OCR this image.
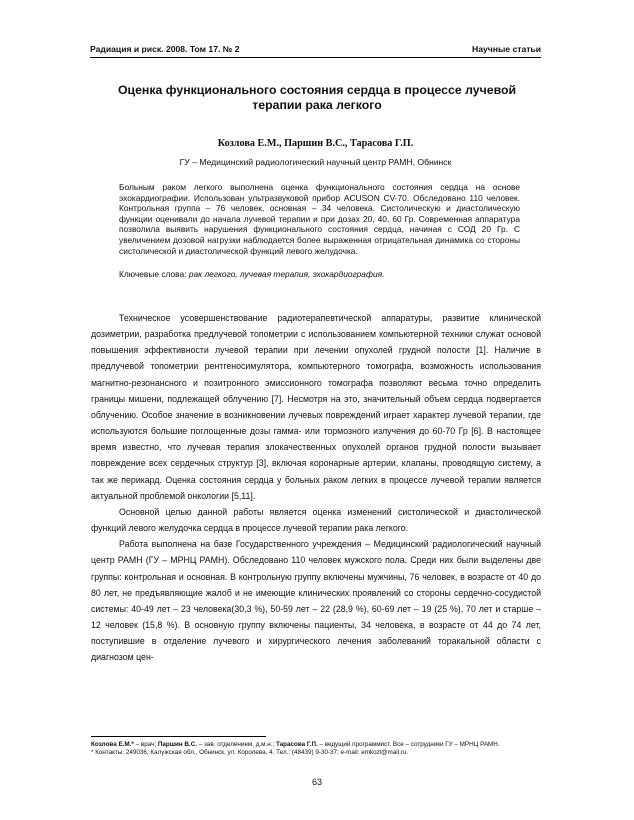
Радиация и риск. 2008. Том 17. № 2	Научные статьи
Оценка функционального состояния сердца в процессе лучевой терапии рака легкого
Козлова Е.М., Паршин В.С., Тарасова Г.П.
ГУ – Медицинский радиологический научный центр РАМН, Обнинск
Больным раком легкого выполнена оценка функционального состояния сердца на основе эхокардиографии. Использован ультразвуковой прибор ACUSON CV-70. Обследовано 110 человек. Контрольная группа – 76 человек, основная – 34 человека. Систолическую и диастолическую функции оценивали до начала лучевой терапии и при дозах 20, 40, 60 Гр. Современная аппаратура позволила выявить нарушения функционального состояния сердца, начиная с СОД 20 Гр. С увеличением дозовой нагрузки наблюдается более выраженная отрицательная динамика со стороны систолической и диастолической функций левого желудочка.
Ключевые слова: рак легкого, лучевая терапия, эхокардиография.

Техническое усовершенствование радиотерапевтической аппаратуры, развитие клинической дозиметрии, разработка предлучевой топометрии с использованием компьютерной техники служат основой повышения эффективности лучевой терапии при лечении опухолей грудной полости [1]. Наличие в предлучевой топометрии рентгеносимулятора, компьютерного томографа, возможность использования магнитно-резонансного и позитронного эмиссионного томографа позволяют весьма точно определить границы мишени, подлежащей облучению [7]. Несмотря на это, значительный объем сердца подвергается облучению. Особое значение в возникновении лучевых повреждений играет характер лучевой терапии, где используются большие поглощенные дозы гамма- или тормозного излучения до 60-70 Гр [6]. В настоящее время известно, что лучевая терапия злокачественных опухолей органов грудной полости вызывает повреждение всех сердечных структур [3], включая коронарные артерии, клапаны, проводящую систему, а так же перикард. Оценка состояния сердца у больных раком легких в процессе лучевой терапии является актуальной проблемой онкологии [5,11].

Основной целью данной работы является оценка изменений систолической и диастолической функций левого желудочка сердца в процессе лучевой терапии рака легкого.

Работа выполнена на базе Государственного учреждения – Медицинский радиологический научный центр РАМН (ГУ – МРНЦ РАМН). Обследовано 110 человек мужского пола. Среди них были выделены две группы: контрольная и основная. В контрольную группу включены мужчины, 76 человек, в возрасте от 40 до 80 лет, не предъявляющие жалоб и не имеющие клинических проявлений со стороны сердечно-сосудистой системы: 40-49 лет – 23 человека(30,3 %), 50-59 лет – 22 (28,9 %), 60-69 лет – 19 (25 %), 70 лет и старше – 12 человек (15,8 %). В основную группу включены пациенты, 34 человека, в возрасте от 44 до 74 лет, поступившие в отделение лучевого и хирургического лечения заболеваний торакальной области с диагнозом цен-

Козлова Е.М.* – врач; Паршин В.С. – зав. отделением, д.м.н.; Тарасова Г.П. – ведущий программист. Все – сотрудники ГУ – МРНЦ РАМН.

* Контакты: 249036, Калужская обл., Обнинск, ул. Королева, 4. Тел.: (48439) 9-30-37; e-mail: emkozl@mail.ru.

63
